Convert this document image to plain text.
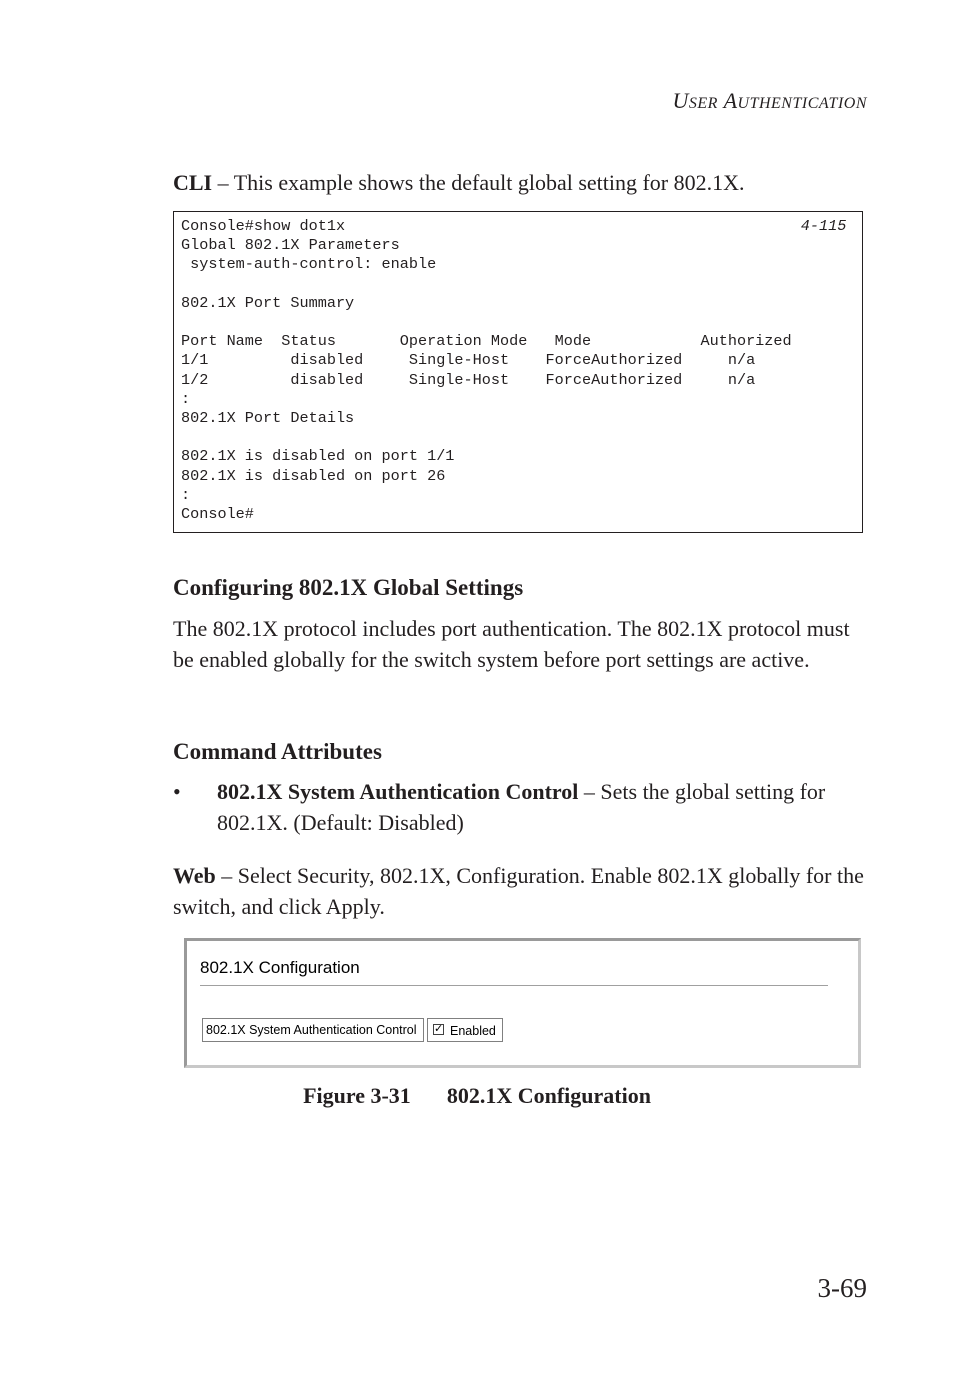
USER AUTHENTICATION
CLI – This example shows the default global setting for 802.1X.
Console#show dot1x	4-115
Global 802.1X Parameters
system-auth-control: enable

802.1X Port Summary

Port Name  Status       Operation Mode   Mode            Authorized
1/1         disabled     Single-Host    ForceAuthorized     n/a
1/2         disabled     Single-Host    ForceAuthorized     n/a
:
802.1X Port Details

802.1X is disabled on port 1/1
802.1X is disabled on port 26
:
Console#
Configuring 802.1X Global Settings
The 802.1X protocol includes port authentication. The 802.1X protocol must be enabled globally for the switch system before port settings are active.
Command Attributes
• 802.1X System Authentication Control – Sets the global setting for 802.1X. (Default: Disabled)
Web – Select Security, 802.1X, Configuration. Enable 802.1X globally for the switch, and click Apply.
802.1X Configuration
802.1X System Authentication Control	✓ Enabled
Figure 3-31 802.1X Configuration
3-69
